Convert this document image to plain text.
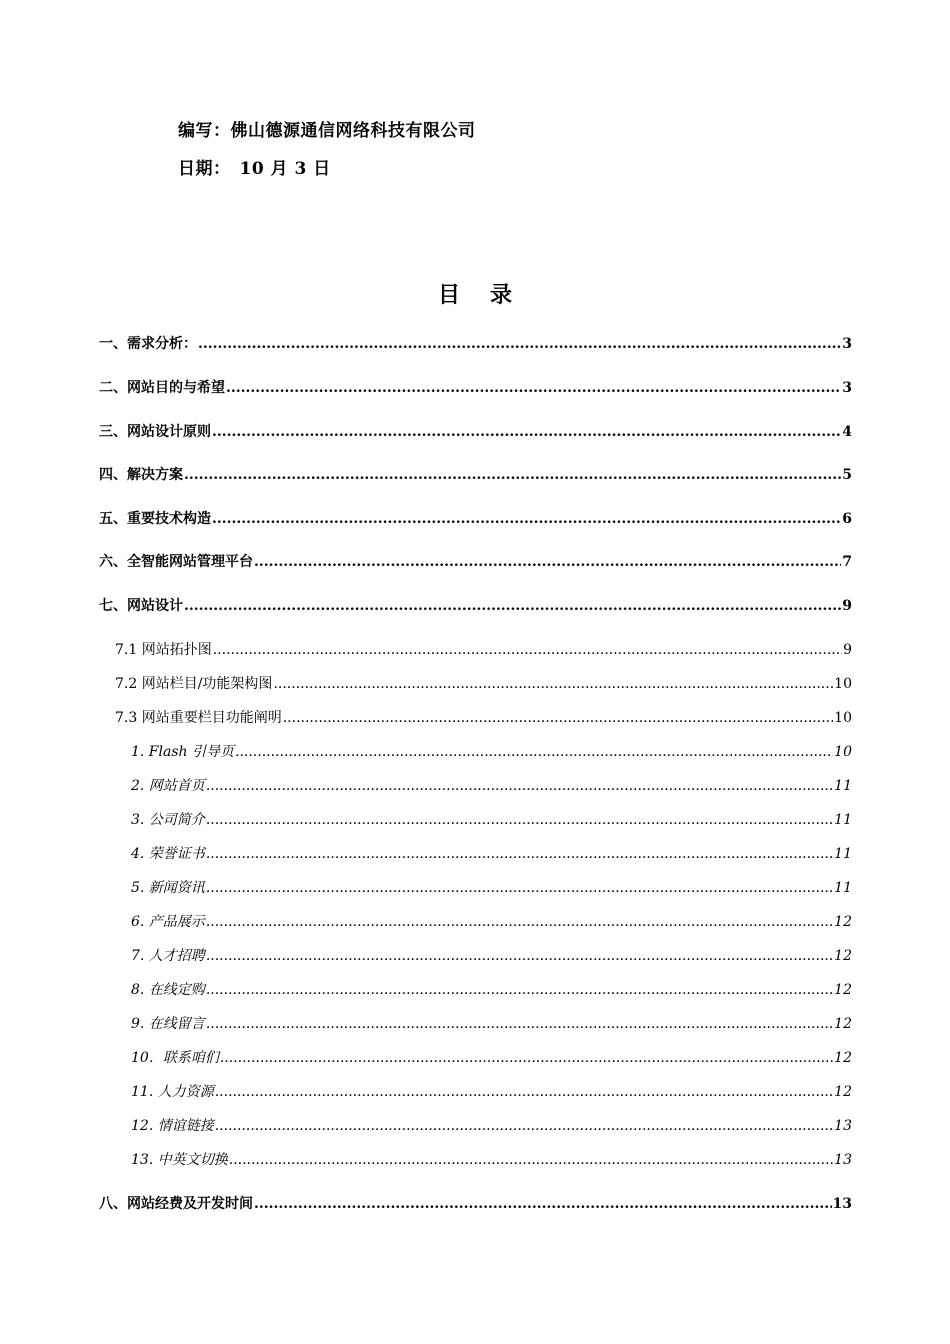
编写：佛山德源通信网络科技有限公司
日期：　10 月 3 日
目录
一、需求分析： .....	3
二、网站目的与希望 .....	3
三、网站设计原则 .....	4
四、解决方案 .....	5
五、重要技术构造 .....	6
六、全智能网站管理平台 .....	7
七、网站设计 .....	9
7.1 网站拓扑图 .....	9
7.2 网站栏目/功能架构图 .....	10
7.3 网站重要栏目功能阐明 .....	10
1. Flash 引导页 .....	10
2. 网站首页 .....	11
3. 公司简介 .....	11
4. 荣誉证书 .....	11
5. 新闻资讯 .....	11
6. 产品展示 .....	12
7. 人才招聘 .....	12
8. 在线定购 .....	12
9. 在线留言 .....	12
10．联系咱们 .....	12
11. 人力资源 .....	12
12. 情谊链接 .....	13
13. 中英文切换 .....	13
八、网站经费及开发时间 .....	13
